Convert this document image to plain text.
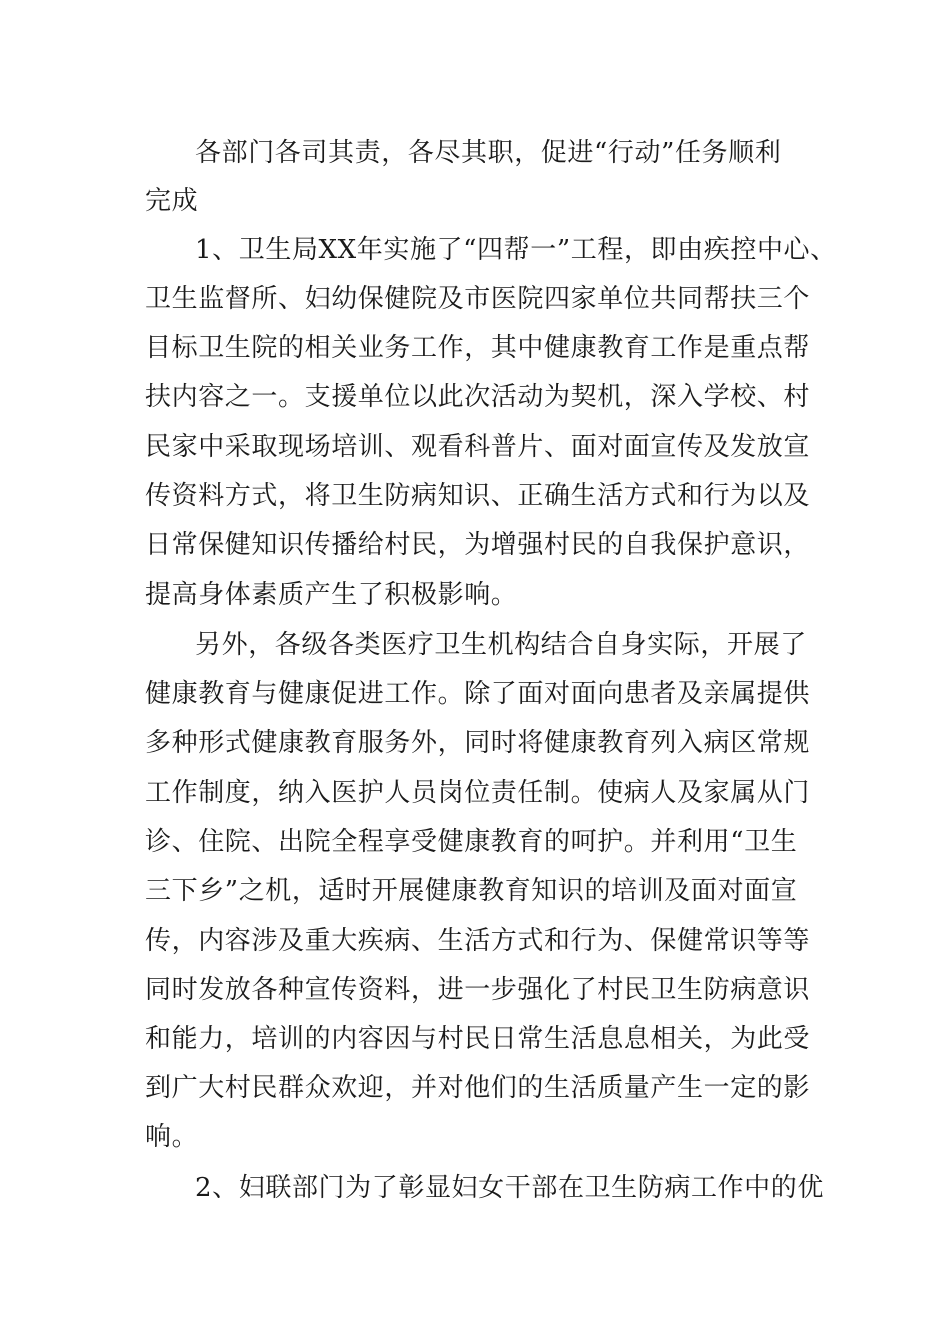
各部门各司其责，各尽其职，促进“行动”任务顺利
完成
1、卫生局XX年实施了“四帮一”工程，即由疾控中心、
卫生监督所、妇幼保健院及市医院四家单位共同帮扶三个
目标卫生院的相关业务工作，其中健康教育工作是重点帮
扶内容之一。支援单位以此次活动为契机，深入学校、村
民家中采取现场培训、观看科普片、面对面宣传及发放宣
传资料方式，将卫生防病知识、正确生活方式和行为以及
日常保健知识传播给村民，为增强村民的自我保护意识，
提高身体素质产生了积极影响。
另外，各级各类医疗卫生机构结合自身实际，开展了
健康教育与健康促进工作。除了面对面向患者及亲属提供
多种形式健康教育服务外，同时将健康教育列入病区常规
工作制度，纳入医护人员岗位责任制。使病人及家属从门
诊、住院、出院全程享受健康教育的呵护。并利用“卫生
三下乡”之机，适时开展健康教育知识的培训及面对面宣
传，内容涉及重大疾病、生活方式和行为、保健常识等等
同时发放各种宣传资料，进一步强化了村民卫生防病意识
和能力，培训的内容因与村民日常生活息息相关，为此受
到广大村民群众欢迎，并对他们的生活质量产生一定的影
响。
2、妇联部门为了彰显妇女干部在卫生防病工作中的优
